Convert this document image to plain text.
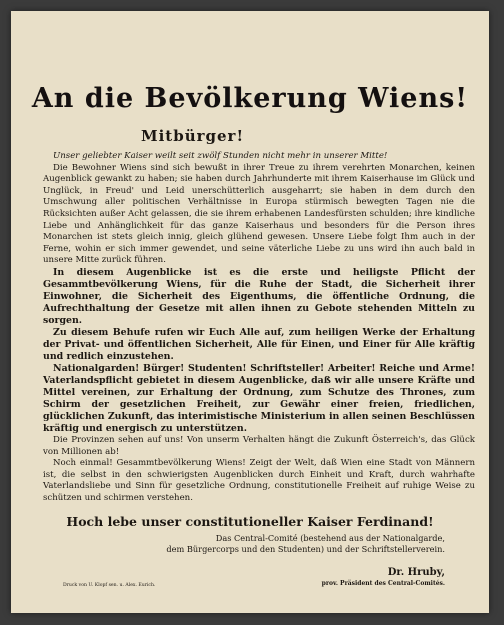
An die Bevölkerung Wiens!
Mitbürger!

Unser geliebter Kaiser weilt seit zwölf Stunden nicht mehr in unserer Mitte!

Die Bewohner Wiens sind sich bewußt in ihrer Treue zu ihrem verehrten Monarchen, keinen Augenblick gewankt zu haben; sie haben durch Jahrhunderte mit ihrem Kaiserhause im Glück und Unglück, in Freud' und Leid unerschütterlich ausgeharrt; sie haben in dem durch den Umschwung aller politischen Verhältnisse in Europa stürmisch bewegten Tagen nie die Rücksichten außer Acht gelassen, die sie ihrem erhabenen Landesfürsten schulden; ihre kindliche Liebe und Anhänglichkeit für das ganze Kaiserhaus und besonders für die Person ihres Monarchen ist stets gleich innig, gleich glühend gewesen. Unsere Liebe folgt Ihm auch in der Ferne, wohin er sich immer gewendet, und seine väterliche Liebe zu uns wird ihn auch bald in unsere Mitte zurück führen.

In diesem Augenblicke ist es die erste und heiligste Pflicht der Gesammtbevölkerung Wiens, für die Ruhe der Stadt, die Sicherheit ihrer Einwohner, die Sicherheit des Eigenthums, die öffentliche Ordnung, die Aufrechthaltung der Gesetze mit allen ihnen zu Gebote stehenden Mitteln zu sorgen.

Zu diesem Behufe rufen wir Euch Alle auf, zum heiligen Werke der Erhaltung der Privat- und öffentlichen Sicherheit, Alle für Einen, und Einer für Alle kräftig und redlich einzustehen.

Nationalgarden! Bürger! Studenten! Schriftsteller! Arbeiter! Reiche und Arme! Vaterlandspflicht gebietet in diesem Augenblicke, daß wir alle unsere Kräfte und Mittel vereinen, zur Erhaltung der Ordnung, zum Schutze des Thrones, zum Schirm der gesetzlichen Freiheit, zur Gewähr einer freien, friedlichen, glücklichen Zukunft, das interimistische Ministerium in allen seinen Beschlüssen kräftig und energisch zu unterstützen.

Die Provinzen sehen auf uns! Von unserm Verhalten hängt die Zukunft Österreich's, das Glück von Millionen ab!

Noch einmal! Gesammtbevölkerung Wiens! Zeigt der Welt, daß Wien eine Stadt von Männern ist, die selbst in den schwierigsten Augenblicken durch Einheit und Kraft, durch wahrhafte Vaterlandsliebe und Sinn für gesetzliche Ordnung, constitutionelle Freiheit auf ruhige Weise zu schützen und schirmen verstehen.

Hoch lebe unser constitutioneller Kaiser Ferdinand!
Das Central-Comité (bestehend aus der Nationalgarde,
dem Bürgercorps und den Studenten) und der Schriftstellerverein.
Dr. Hruby,
prov. Präsident des Central-Comités.
Druck von U. Klopf sen. u. Alex. Eurich.
